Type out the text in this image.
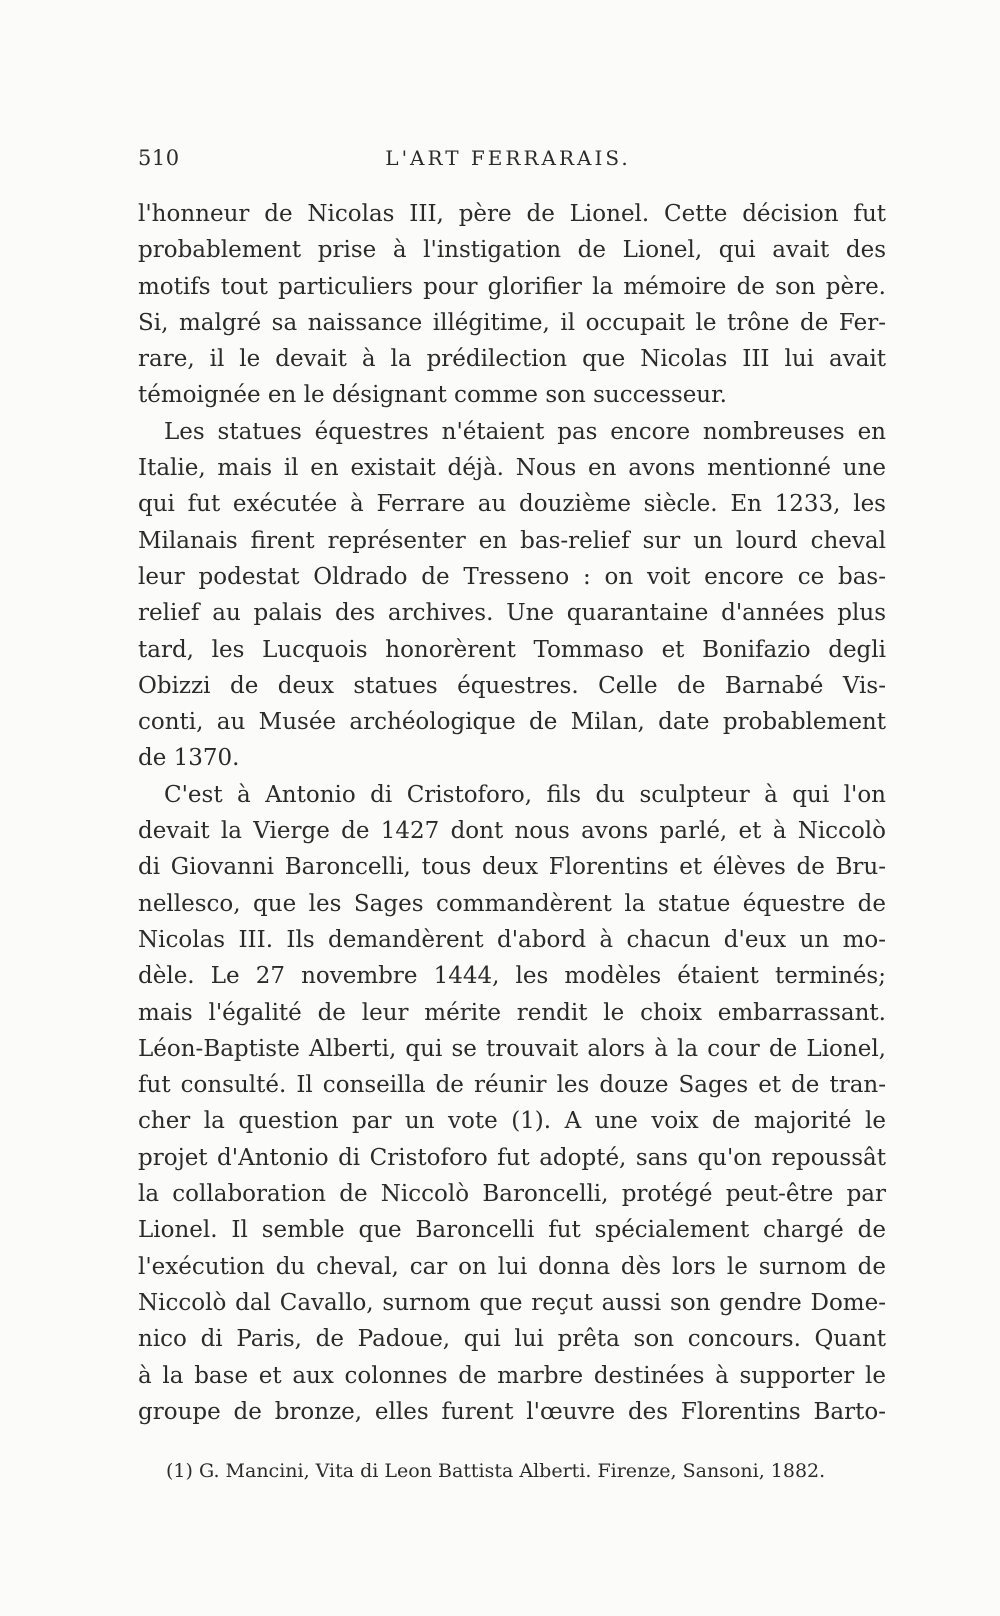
510	L'ART FERRARAIS.
l'honneur de Nicolas III, père de Lionel. Cette décision fut
probablement prise à l'instigation de Lionel, qui avait des
motifs tout particuliers pour glorifier la mémoire de son père.
Si, malgré sa naissance illégitime, il occupait le trône de Fer-
rare, il le devait à la prédilection que Nicolas III lui avait
témoignée en le désignant comme son successeur.
Les statues équestres n'étaient pas encore nombreuses en
Italie, mais il en existait déjà. Nous en avons mentionné une
qui fut exécutée à Ferrare au douzième siècle. En 1233, les
Milanais firent représenter en bas-relief sur un lourd cheval
leur podestat Oldrado de Tresseno : on voit encore ce bas-
relief au palais des archives. Une quarantaine d'années plus
tard, les Lucquois honorèrent Tommaso et Bonifazio degli
Obizzi de deux statues équestres. Celle de Barnabé Vis-
conti, au Musée archéologique de Milan, date probablement
de 1370.
C'est à Antonio di Cristoforo, fils du sculpteur à qui l'on
devait la Vierge de 1427 dont nous avons parlé, et à Niccolò
di Giovanni Baroncelli, tous deux Florentins et élèves de Bru-
nellesco, que les Sages commandèrent la statue équestre de
Nicolas III. Ils demandèrent d'abord à chacun d'eux un mo-
dèle. Le 27 novembre 1444, les modèles étaient terminés;
mais l'égalité de leur mérite rendit le choix embarrassant.
Léon-Baptiste Alberti, qui se trouvait alors à la cour de Lionel,
fut consulté. Il conseilla de réunir les douze Sages et de tran-
cher la question par un vote (1). A une voix de majorité le
projet d'Antonio di Cristoforo fut adopté, sans qu'on repoussât
la collaboration de Niccolò Baroncelli, protégé peut-être par
Lionel. Il semble que Baroncelli fut spécialement chargé de
l'exécution du cheval, car on lui donna dès lors le surnom de
Niccolò dal Cavallo, surnom que reçut aussi son gendre Dome-
nico di Paris, de Padoue, qui lui prêta son concours. Quant
à la base et aux colonnes de marbre destinées à supporter le
groupe de bronze, elles furent l'œuvre des Florentins Barto-
(1) G. Mancini, Vita di Leon Battista Alberti. Firenze, Sansoni, 1882.
